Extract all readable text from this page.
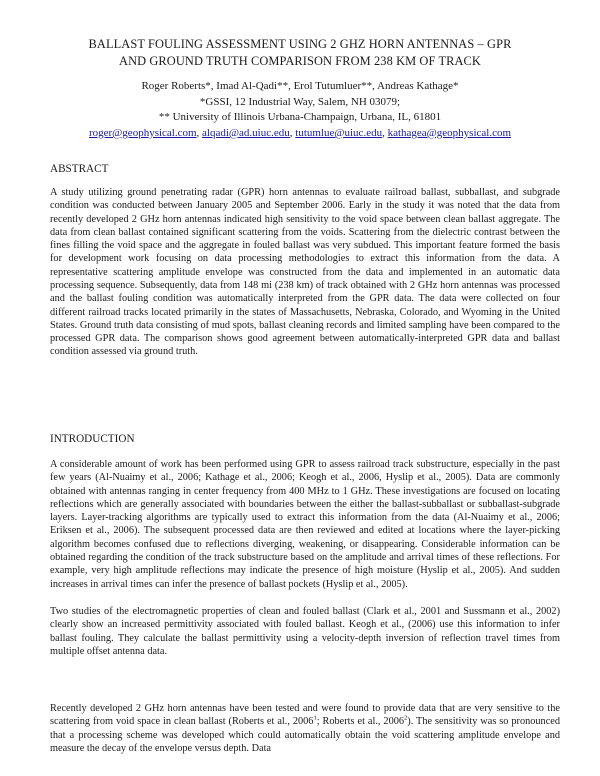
BALLAST FOULING ASSESSMENT USING 2 GHZ HORN ANTENNAS – GPR
AND GROUND TRUTH COMPARISON FROM 238 KM OF TRACK
Roger Roberts*, Imad Al-Qadi**, Erol Tutumluer**, Andreas Kathage*
*GSSI, 12 Industrial Way, Salem, NH 03079;
** University of Illinois Urbana-Champaign, Urbana, IL, 61801
roger@geophysical.com, alqadi@ad.uiuc.edu, tutumlue@uiuc.edu, kathagea@geophysical.com
ABSTRACT
A study utilizing ground penetrating radar (GPR) horn antennas to evaluate railroad ballast, subballast, and subgrade condition was conducted between January 2005 and September 2006. Early in the study it was noted that the data from recently developed 2 GHz horn antennas indicated high sensitivity to the void space between clean ballast aggregate. The data from clean ballast contained significant scattering from the voids. Scattering from the dielectric contrast between the fines filling the void space and the aggregate in fouled ballast was very subdued. This important feature formed the basis for development work focusing on data processing methodologies to extract this information from the data. A representative scattering amplitude envelope was constructed from the data and implemented in an automatic data processing sequence. Subsequently, data from 148 mi (238 km) of track obtained with 2 GHz horn antennas was processed and the ballast fouling condition was automatically interpreted from the GPR data. The data were collected on four different railroad tracks located primarily in the states of Massachusetts, Nebraska, Colorado, and Wyoming in the United States. Ground truth data consisting of mud spots, ballast cleaning records and limited sampling have been compared to the processed GPR data. The comparison shows good agreement between automatically-interpreted GPR data and ballast condition assessed via ground truth.
INTRODUCTION
A considerable amount of work has been performed using GPR to assess railroad track substructure, especially in the past few years (Al-Nuaimy et al., 2006; Kathage et al., 2006; Keogh et al., 2006, Hyslip et al., 2005). Data are commonly obtained with antennas ranging in center frequency from 400 MHz to 1 GHz. These investigations are focused on locating reflections which are generally associated with boundaries between the either the ballast-subballast or subballast-subgrade layers. Layer-tracking algorithms are typically used to extract this information from the data (Al-Nuaimy et al., 2006; Eriksen et al., 2006). The subsequent processed data are then reviewed and edited at locations where the layer-picking algorithm becomes confused due to reflections diverging, weakening, or disappearing. Considerable information can be obtained regarding the condition of the track substructure based on the amplitude and arrival times of these reflections. For example, very high amplitude reflections may indicate the presence of high moisture (Hyslip et al., 2005). And sudden increases in arrival times can infer the presence of ballast pockets (Hyslip et al., 2005).
Two studies of the electromagnetic properties of clean and fouled ballast (Clark et al., 2001 and Sussmann et al., 2002) clearly show an increased permittivity associated with fouled ballast. Keogh et al., (2006) use this information to infer ballast fouling. They calculate the ballast permittivity using a velocity-depth inversion of reflection travel times from multiple offset antenna data.
Recently developed 2 GHz horn antennas have been tested and were found to provide data that are very sensitive to the scattering from void space in clean ballast (Roberts et al., 2006$^1$; Roberts et al., 2006$^2$). The sensitivity was so pronounced that a processing scheme was developed which could automatically obtain the void scattering amplitude envelope and measure the decay of the envelope versus depth. Data
